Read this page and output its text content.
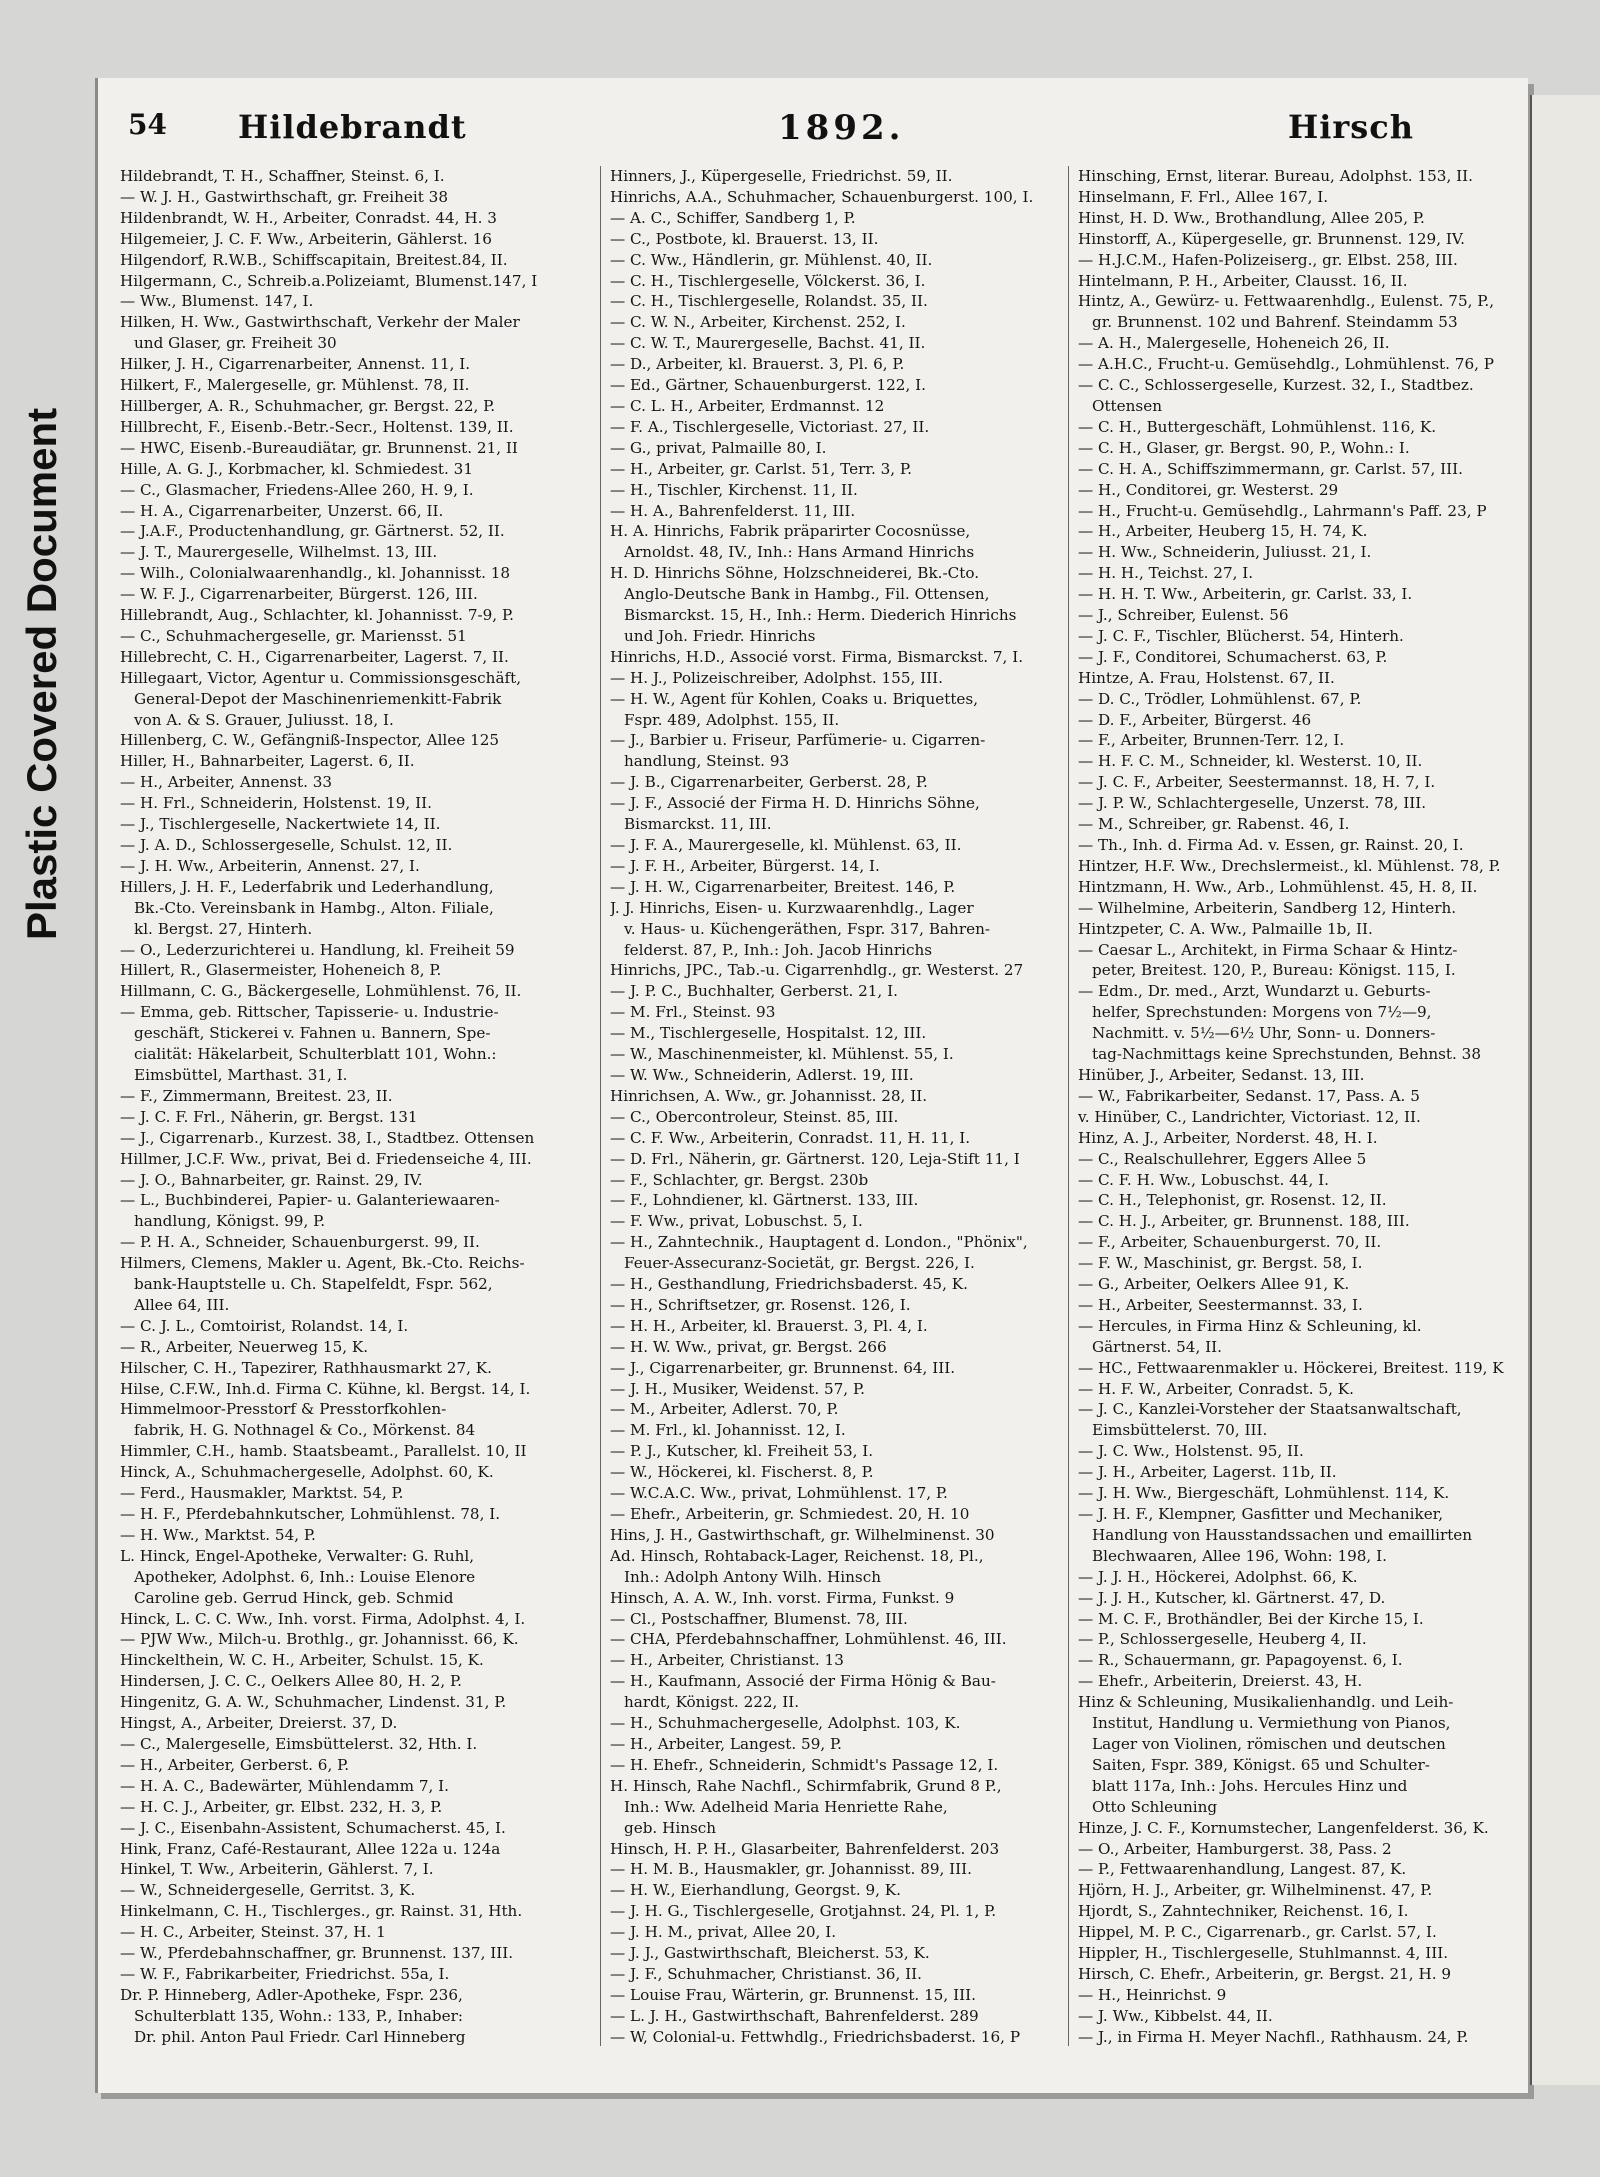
Plastic Covered Document
54 Hildebrandt	1892.	Hirsch
Hildebrandt, T. H., Schaffner, Steinst. 6, I.
— W. J. H., Gastwirthschaft, gr. Freiheit 38
Hildenbrandt, W. H., Arbeiter, Conradst. 44, H. 3
Hilgemeier, J. C. F. Ww., Arbeiterin, Gählerst. 16
Hilgendorf, R.W.B., Schiffscapitain, Breitest.84, II.
Hilgermann, C., Schreib.a.Polizeiamt, Blumenst.147, I
— Ww., Blumenst. 147, I.
Hilken, H. Ww., Gastwirthschaft, Verkehr der Maler
und Glaser, gr. Freiheit 30
Hilker, J. H., Cigarrenarbeiter, Annenst. 11, I.
Hilkert, F., Malergeselle, gr. Mühlenst. 78, II.
Hillberger, A. R., Schuhmacher, gr. Bergst. 22, P.
Hillbrecht, F., Eisenb.-Betr.-Secr., Holtenst. 139, II.
— HWC, Eisenb.-Bureaudiätar, gr. Brunnenst. 21, II
Hille, A. G. J., Korbmacher, kl. Schmiedest. 31
— C., Glasmacher, Friedens-Allee 260, H. 9, I.
— H. A., Cigarrenarbeiter, Unzerst. 66, II.
— J.A.F., Productenhandlung, gr. Gärtnerst. 52, II.
— J. T., Maurergeselle, Wilhelmst. 13, III.
— Wilh., Colonialwaarenhandlg., kl. Johannisst. 18
— W. F. J., Cigarrenarbeiter, Bürgerst. 126, III.
Hillebrandt, Aug., Schlachter, kl. Johannisst. 7-9, P.
— C., Schuhmachergeselle, gr. Mariensst. 51
Hillebrecht, C. H., Cigarrenarbeiter, Lagerst. 7, II.
Hillegaart, Victor, Agentur u. Commissionsgeschäft,
General-Depot der Maschinenriemenkitt-Fabrik
von A. & S. Grauer, Juliusst. 18, I.
Hillenberg, C. W., Gefängniß-Inspector, Allee 125
Hiller, H., Bahnarbeiter, Lagerst. 6, II.
— H., Arbeiter, Annenst. 33
— H. Frl., Schneiderin, Holstenst. 19, II.
— J., Tischlergeselle, Nackertwiete 14, II.
— J. A. D., Schlossergeselle, Schulst. 12, II.
— J. H. Ww., Arbeiterin, Annenst. 27, I.
Hillers, J. H. F., Lederfabrik und Lederhandlung,
Bk.-Cto. Vereinsbank in Hambg., Alton. Filiale,
kl. Bergst. 27, Hinterh.
— O., Lederzurichterei u. Handlung, kl. Freiheit 59
Hillert, R., Glasermeister, Hoheneich 8, P.
Hillmann, C. G., Bäckergeselle, Lohmühlenst. 76, II.
— Emma, geb. Rittscher, Tapisserie- u. Industrie-
geschäft, Stickerei v. Fahnen u. Bannern, Spe-
cialität: Häkelarbeit, Schulterblatt 101, Wohn.:
Eimsbüttel, Marthast. 31, I.
— F., Zimmermann, Breitest. 23, II.
— J. C. F. Frl., Näherin, gr. Bergst. 131
— J., Cigarrenarb., Kurzest. 38, I., Stadtbez. Ottensen
Hillmer, J.C.F. Ww., privat, Bei d. Friedenseiche 4, III.
— J. O., Bahnarbeiter, gr. Rainst. 29, IV.
— L., Buchbinderei, Papier- u. Galanteriewaaren-
handlung, Königst. 99, P.
— P. H. A., Schneider, Schauenburgerst. 99, II.
Hilmers, Clemens, Makler u. Agent, Bk.-Cto. Reichs-
bank-Hauptstelle u. Ch. Stapelfeldt, Fspr. 562,
Allee 64, III.
— C. J. L., Comtoirist, Rolandst. 14, I.
— R., Arbeiter, Neuerweg 15, K.
Hilscher, C. H., Tapezirer, Rathhausmarkt 27, K.
Hilse, C.F.W., Inh.d. Firma C. Kühne, kl. Bergst. 14, I.
Himmelmoor-Presstorf & Presstorfkohlen-
fabrik, H. G. Nothnagel & Co., Mörkenst. 84
Himmler, C.H., hamb. Staatsbeamt., Parallelst. 10, II
Hinck, A., Schuhmachergeselle, Adolphst. 60, K.
— Ferd., Hausmakler, Marktst. 54, P.
— H. F., Pferdebahnkutscher, Lohmühlenst. 78, I.
— H. Ww., Marktst. 54, P.
L. Hinck, Engel-Apotheke, Verwalter: G. Ruhl,
Apotheker, Adolphst. 6, Inh.: Louise Elenore
Caroline geb. Gerrud Hinck, geb. Schmid
Hinck, L. C. C. Ww., Inh. vorst. Firma, Adolphst. 4, I.
— PJW Ww., Milch-u. Brothlg., gr. Johannisst. 66, K.
Hinckelthein, W. C. H., Arbeiter, Schulst. 15, K.
Hindersen, J. C. C., Oelkers Allee 80, H. 2, P.
Hingenitz, G. A. W., Schuhmacher, Lindenst. 31, P.
Hingst, A., Arbeiter, Dreierst. 37, D.
— C., Malergeselle, Eimsbüttelerst. 32, Hth. I.
— H., Arbeiter, Gerberst. 6, P.
— H. A. C., Badewärter, Mühlendamm 7, I.
— H. C. J., Arbeiter, gr. Elbst. 232, H. 3, P.
— J. C., Eisenbahn-Assistent, Schumacherst. 45, I.
Hink, Franz, Café-Restaurant, Allee 122a u. 124a
Hinkel, T. Ww., Arbeiterin, Gählerst. 7, I.
— W., Schneidergeselle, Gerritst. 3, K.
Hinkelmann, C. H., Tischlerges., gr. Rainst. 31, Hth.
— H. C., Arbeiter, Steinst. 37, H. 1
— W., Pferdebahnschaffner, gr. Brunnenst. 137, III.
— W. F., Fabrikarbeiter, Friedrichst. 55a, I.
Dr. P. Hinneberg, Adler-Apotheke, Fspr. 236,
Schulterblatt 135, Wohn.: 133, P., Inhaber:
Dr. phil. Anton Paul Friedr. Carl Hinneberg
Hinners, J., Küpergeselle, Friedrichst. 59, II.
Hinrichs, A.A., Schuhmacher, Schauenburgerst. 100, I.
— A. C., Schiffer, Sandberg 1, P.
— C., Postbote, kl. Brauerst. 13, II.
— C. Ww., Händlerin, gr. Mühlenst. 40, II.
— C. H., Tischlergeselle, Völckerst. 36, I.
— C. H., Tischlergeselle, Rolandst. 35, II.
— C. W. N., Arbeiter, Kirchenst. 252, I.
— C. W. T., Maurergeselle, Bachst. 41, II.
— D., Arbeiter, kl. Brauerst. 3, Pl. 6, P.
— Ed., Gärtner, Schauenburgerst. 122, I.
— C. L. H., Arbeiter, Erdmannst. 12
— F. A., Tischlergeselle, Victoriast. 27, II.
— G., privat, Palmaille 80, I.
— H., Arbeiter, gr. Carlst. 51, Terr. 3, P.
— H., Tischler, Kirchenst. 11, II.
— H. A., Bahrenfelderst. 11, III.
H. A. Hinrichs, Fabrik präparirter Cocosnüsse,
Arnoldst. 48, IV., Inh.: Hans Armand Hinrichs
H. D. Hinrichs Söhne, Holzschneiderei, Bk.-Cto.
Anglo-Deutsche Bank in Hambg., Fil. Ottensen,
Bismarckst. 15, H., Inh.: Herm. Diederich Hinrichs
und Joh. Friedr. Hinrichs
Hinrichs, H.D., Associé vorst. Firma, Bismarckst. 7, I.
— H. J., Polizeischreiber, Adolphst. 155, III.
— H. W., Agent für Kohlen, Coaks u. Briquettes,
Fspr. 489, Adolphst. 155, II.
— J., Barbier u. Friseur, Parfümerie- u. Cigarren-
handlung, Steinst. 93
— J. B., Cigarrenarbeiter, Gerberst. 28, P.
— J. F., Associé der Firma H. D. Hinrichs Söhne,
Bismarckst. 11, III.
— J. F. A., Maurergeselle, kl. Mühlenst. 63, II.
— J. F. H., Arbeiter, Bürgerst. 14, I.
— J. H. W., Cigarrenarbeiter, Breitest. 146, P.
J. J. Hinrichs, Eisen- u. Kurzwaarenhdlg., Lager
v. Haus- u. Küchengeräthen, Fspr. 317, Bahren-
felderst. 87, P., Inh.: Joh. Jacob Hinrichs
Hinrichs, JPC., Tab.-u. Cigarrenhdlg., gr. Westerst. 27
— J. P. C., Buchhalter, Gerberst. 21, I.
— M. Frl., Steinst. 93
— M., Tischlergeselle, Hospitalst. 12, III.
— W., Maschinenmeister, kl. Mühlenst. 55, I.
— W. Ww., Schneiderin, Adlerst. 19, III.
Hinrichsen, A. Ww., gr. Johannisst. 28, II.
— C., Obercontroleur, Steinst. 85, III.
— C. F. Ww., Arbeiterin, Conradst. 11, H. 11, I.
— D. Frl., Näherin, gr. Gärtnerst. 120, Leja-Stift 11, I
— F., Schlachter, gr. Bergst. 230b
— F., Lohndiener, kl. Gärtnerst. 133, III.
— F. Ww., privat, Lobuschst. 5, I.
— H., Zahntechnik., Hauptagent d. London., "Phönix",
Feuer-Assecuranz-Societät, gr. Bergst. 226, I.
— H., Gesthandlung, Friedrichsbaderst. 45, K.
— H., Schriftsetzer, gr. Rosenst. 126, I.
— H. H., Arbeiter, kl. Brauerst. 3, Pl. 4, I.
— H. W. Ww., privat, gr. Bergst. 266
— J., Cigarrenarbeiter, gr. Brunnenst. 64, III.
— J. H., Musiker, Weidenst. 57, P.
— M., Arbeiter, Adlerst. 70, P.
— M. Frl., kl. Johannisst. 12, I.
— P. J., Kutscher, kl. Freiheit 53, I.
— W., Höckerei, kl. Fischerst. 8, P.
— W.C.A.C. Ww., privat, Lohmühlenst. 17, P.
— Ehefr., Arbeiterin, gr. Schmiedest. 20, H. 10
Hins, J. H., Gastwirthschaft, gr. Wilhelminenst. 30
Ad. Hinsch, Rohtaback-Lager, Reichenst. 18, Pl.,
Inh.: Adolph Antony Wilh. Hinsch
Hinsch, A. A. W., Inh. vorst. Firma, Funkst. 9
— Cl., Postschaffner, Blumenst. 78, III.
— CHA, Pferdebahnschaffner, Lohmühlenst. 46, III.
— H., Arbeiter, Christianst. 13
— H., Kaufmann, Associé der Firma Hönig & Bau-
hardt, Königst. 222, II.
— H., Schuhmachergeselle, Adolphst. 103, K.
— H., Arbeiter, Langest. 59, P.
— H. Ehefr., Schneiderin, Schmidt's Passage 12, I.
H. Hinsch, Rahe Nachfl., Schirmfabrik, Grund 8 P.,
Inh.: Ww. Adelheid Maria Henriette Rahe,
geb. Hinsch
Hinsch, H. P. H., Glasarbeiter, Bahrenfelderst. 203
— H. M. B., Hausmakler, gr. Johannisst. 89, III.
— H. W., Eierhandlung, Georgst. 9, K.
— J. H. G., Tischlergeselle, Grotjahnst. 24, Pl. 1, P.
— J. H. M., privat, Allee 20, I.
— J. J., Gastwirthschaft, Bleicherst. 53, K.
— J. F., Schuhmacher, Christianst. 36, II.
— Louise Frau, Wärterin, gr. Brunnenst. 15, III.
— L. J. H., Gastwirthschaft, Bahrenfelderst. 289
— W, Colonial-u. Fettwhdlg., Friedrichsbaderst. 16, P
Hinsching, Ernst, literar. Bureau, Adolphst. 153, II.
Hinselmann, F. Frl., Allee 167, I.
Hinst, H. D. Ww., Brothandlung, Allee 205, P.
Hinstorff, A., Küpergeselle, gr. Brunnenst. 129, IV.
— H.J.C.M., Hafen-Polizeiserg., gr. Elbst. 258, III.
Hintelmann, P. H., Arbeiter, Clausst. 16, II.
Hintz, A., Gewürz- u. Fettwaarenhdlg., Eulenst. 75, P.,
gr. Brunnenst. 102 und Bahrenf. Steindamm 53
— A. H., Malergeselle, Hoheneich 26, II.
— A.H.C., Frucht-u. Gemüsehdlg., Lohmühlenst. 76, P
— C. C., Schlossergeselle, Kurzest. 32, I., Stadtbez.
Ottensen
— C. H., Buttergeschäft, Lohmühlenst. 116, K.
— C. H., Glaser, gr. Bergst. 90, P., Wohn.: I.
— C. H. A., Schiffszimmermann, gr. Carlst. 57, III.
— H., Conditorei, gr. Westerst. 29
— H., Frucht-u. Gemüsehdlg., Lahrmann's Paff. 23, P
— H., Arbeiter, Heuberg 15, H. 74, K.
— H. Ww., Schneiderin, Juliusst. 21, I.
— H. H., Teichst. 27, I.
— H. H. T. Ww., Arbeiterin, gr. Carlst. 33, I.
— J., Schreiber, Eulenst. 56
— J. C. F., Tischler, Blücherst. 54, Hinterh.
— J. F., Conditorei, Schumacherst. 63, P.
Hintze, A. Frau, Holstenst. 67, II.
— D. C., Trödler, Lohmühlenst. 67, P.
— D. F., Arbeiter, Bürgerst. 46
— F., Arbeiter, Brunnen-Terr. 12, I.
— H. F. C. M., Schneider, kl. Westerst. 10, II.
— J. C. F., Arbeiter, Seestermannst. 18, H. 7, I.
— J. P. W., Schlachtergeselle, Unzerst. 78, III.
— M., Schreiber, gr. Rabenst. 46, I.
— Th., Inh. d. Firma Ad. v. Essen, gr. Rainst. 20, I.
Hintzer, H.F. Ww., Drechslermeist., kl. Mühlenst. 78, P.
Hintzmann, H. Ww., Arb., Lohmühlenst. 45, H. 8, II.
— Wilhelmine, Arbeiterin, Sandberg 12, Hinterh.
Hintzpeter, C. A. Ww., Palmaille 1b, II.
— Caesar L., Architekt, in Firma Schaar & Hintz-
peter, Breitest. 120, P., Bureau: Königst. 115, I.
— Edm., Dr. med., Arzt, Wundarzt u. Geburts-
helfer, Sprechstunden: Morgens von 7½—9,
Nachmitt. v. 5½—6½ Uhr, Sonn- u. Donners-
tag-Nachmittags keine Sprechstunden, Behnst. 38
Hinüber, J., Arbeiter, Sedanst. 13, III.
— W., Fabrikarbeiter, Sedanst. 17, Pass. A. 5
v. Hinüber, C., Landrichter, Victoriast. 12, II.
Hinz, A. J., Arbeiter, Norderst. 48, H. I.
— C., Realschullehrer, Eggers Allee 5
— C. F. H. Ww., Lobuschst. 44, I.
— C. H., Telephonist, gr. Rosenst. 12, II.
— C. H. J., Arbeiter, gr. Brunnenst. 188, III.
— F., Arbeiter, Schauenburgerst. 70, II.
— F. W., Maschinist, gr. Bergst. 58, I.
— G., Arbeiter, Oelkers Allee 91, K.
— H., Arbeiter, Seestermannst. 33, I.
— Hercules, in Firma Hinz & Schleuning, kl.
Gärtnerst. 54, II.
— HC., Fettwaarenmakler u. Höckerei, Breitest. 119, K
— H. F. W., Arbeiter, Conradst. 5, K.
— J. C., Kanzlei-Vorsteher der Staatsanwaltschaft,
Eimsbüttelerst. 70, III.
— J. C. Ww., Holstenst. 95, II.
— J. H., Arbeiter, Lagerst. 11b, II.
— J. H. Ww., Biergeschäft, Lohmühlenst. 114, K.
— J. H. F., Klempner, Gasfitter und Mechaniker,
Handlung von Hausstandssachen und emaillirten
Blechwaaren, Allee 196, Wohn: 198, I.
— J. J. H., Höckerei, Adolphst. 66, K.
— J. J. H., Kutscher, kl. Gärtnerst. 47, D.
— M. C. F., Brothändler, Bei der Kirche 15, I.
— P., Schlossergeselle, Heuberg 4, II.
— R., Schauermann, gr. Papagoyenst. 6, I.
— Ehefr., Arbeiterin, Dreierst. 43, H.
Hinz & Schleuning, Musikalienhandlg. und Leih-
Institut, Handlung u. Vermiethung von Pianos,
Lager von Violinen, römischen und deutschen
Saiten, Fspr. 389, Königst. 65 und Schulter-
blatt 117a, Inh.: Johs. Hercules Hinz und
Otto Schleuning
Hinze, J. C. F., Kornumstecher, Langenfelderst. 36, K.
— O., Arbeiter, Hamburgerst. 38, Pass. 2
— P., Fettwaarenhandlung, Langest. 87, K.
Hjörn, H. J., Arbeiter, gr. Wilhelminenst. 47, P.
Hjordt, S., Zahntechniker, Reichenst. 16, I.
Hippel, M. P. C., Cigarrenarb., gr. Carlst. 57, I.
Hippler, H., Tischlergeselle, Stuhlmannst. 4, III.
Hirsch, C. Ehefr., Arbeiterin, gr. Bergst. 21, H. 9
— H., Heinrichst. 9
— J. Ww., Kibbelst. 44, II.
— J., in Firma H. Meyer Nachfl., Rathhausm. 24, P.
